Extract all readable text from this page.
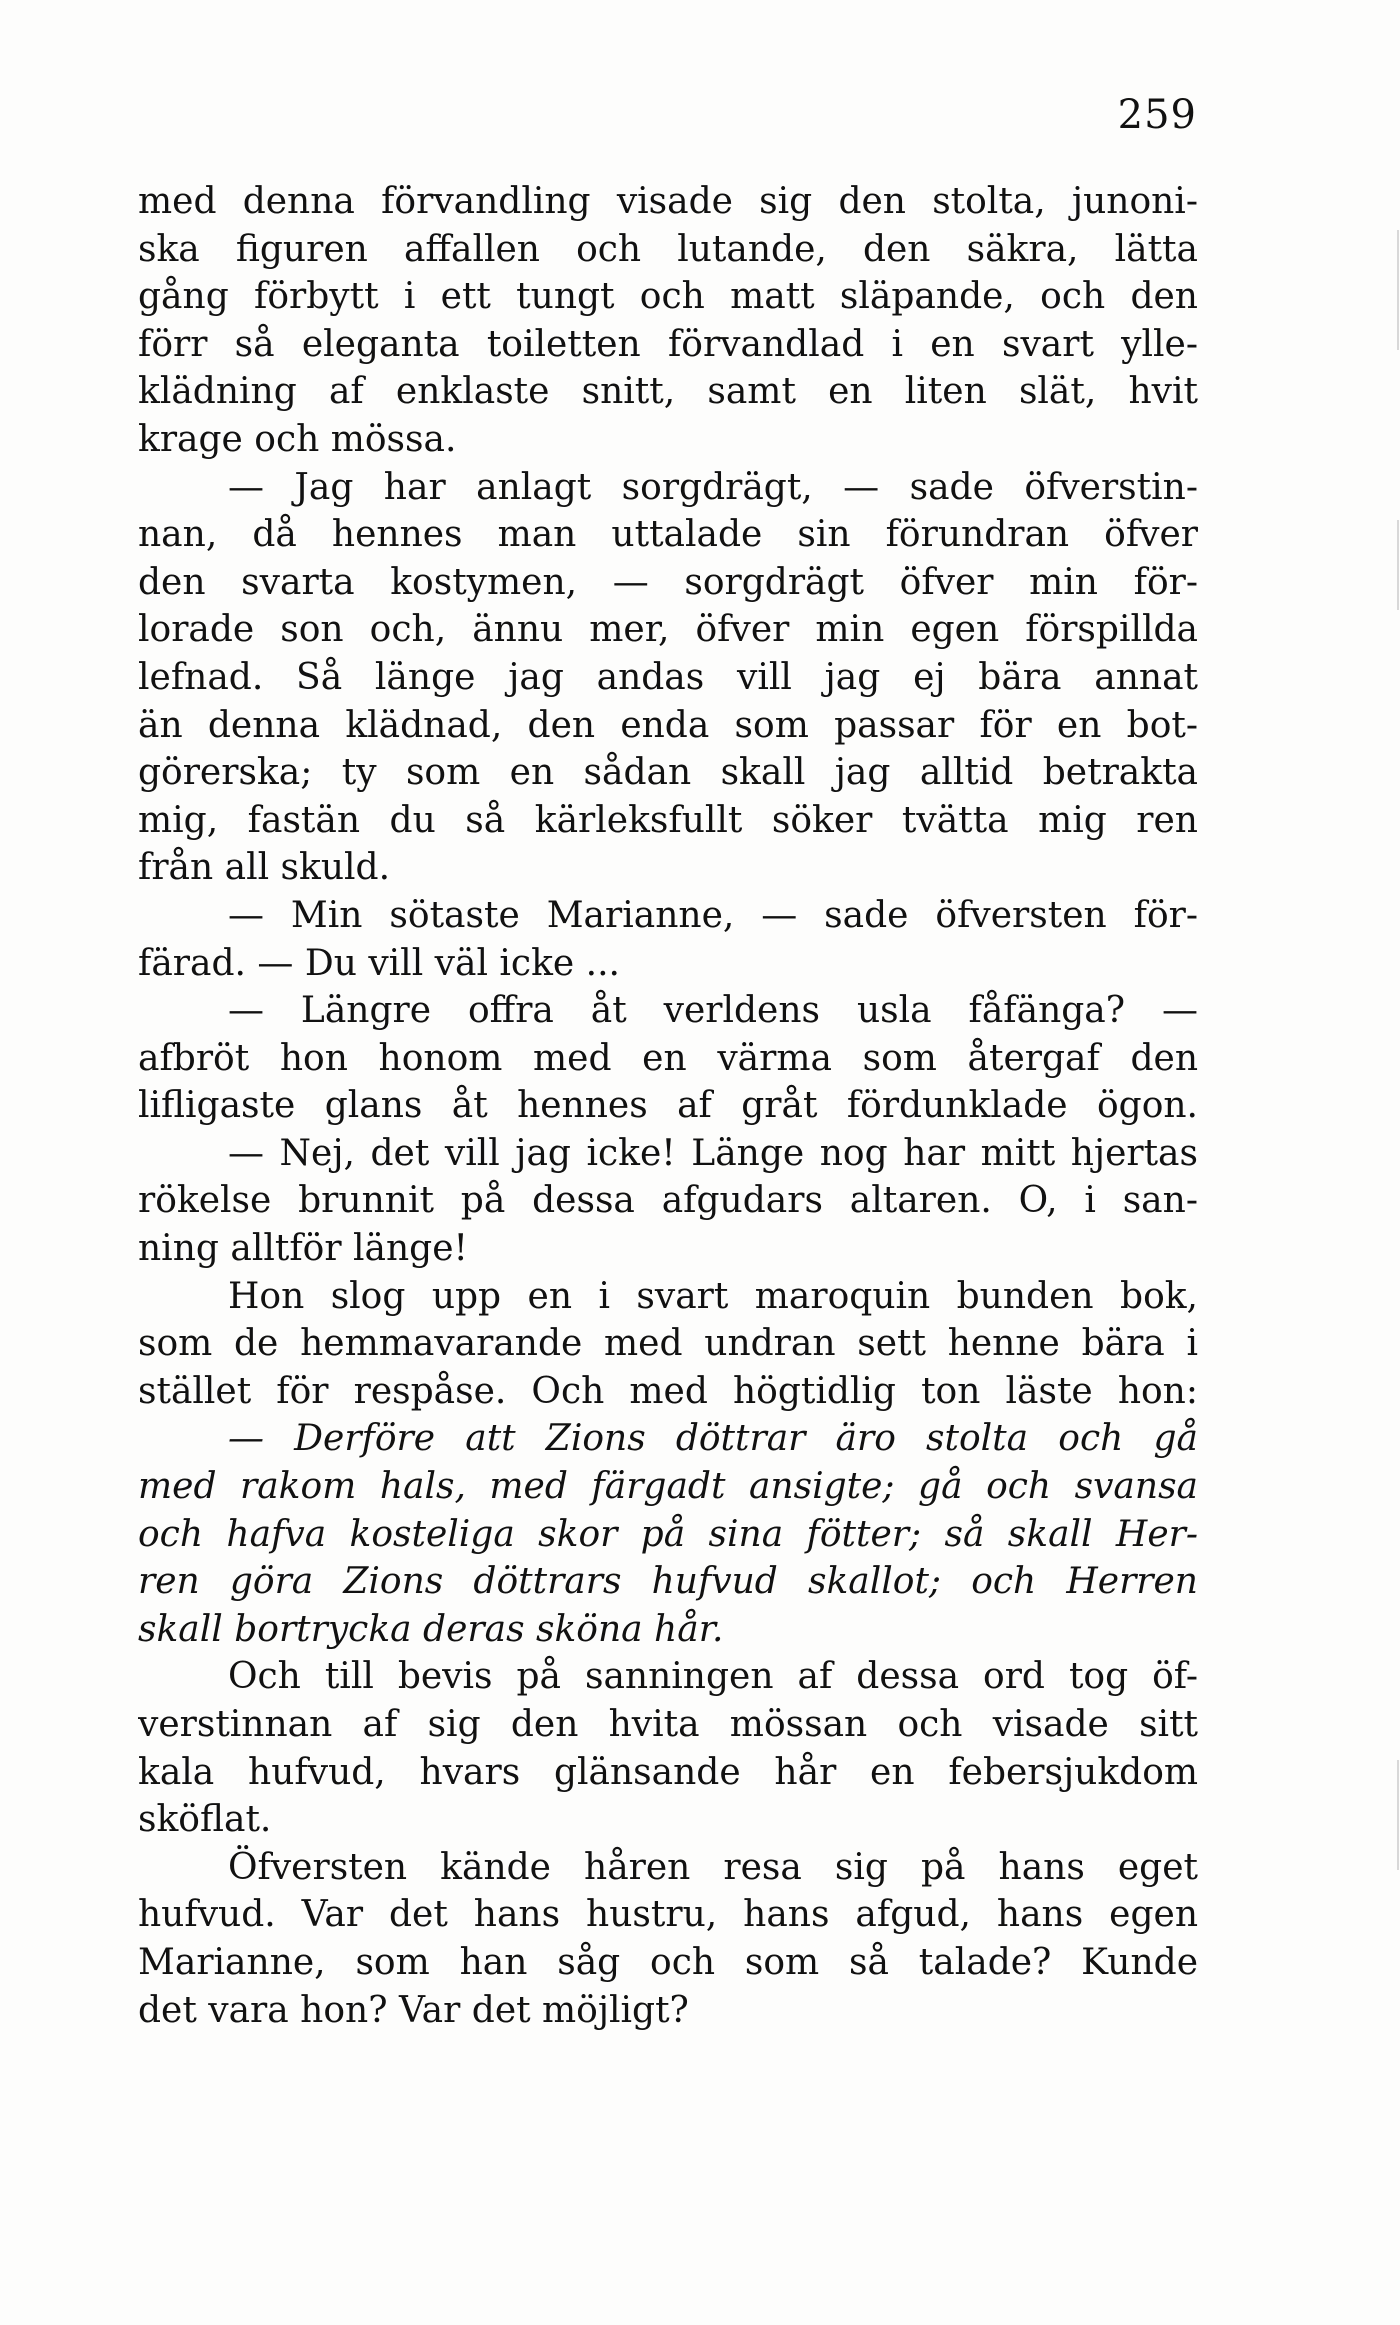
259
med denna förvandling visade sig den stolta, junoni-
ska figuren affallen och lutande, den säkra, lätta
gång förbytt i ett tungt och matt släpande, och den
förr så eleganta toiletten förvandlad i en svart ylle-
klädning af enklaste snitt, samt en liten slät, hvit
krage och mössa.
— Jag har anlagt sorgdrägt, — sade öfverstin-
nan, då hennes man uttalade sin förundran öfver
den svarta kostymen, — sorgdrägt öfver min för-
lorade son och, ännu mer, öfver min egen förspillda
lefnad. Så länge jag andas vill jag ej bära annat
än denna klädnad, den enda som passar för en bot-
görerska; ty som en sådan skall jag alltid betrakta
mig, fastän du så kärleksfullt söker tvätta mig ren
från all skuld.
— Min sötaste Marianne, — sade öfversten för-
färad. — Du vill väl icke ...
— Längre offra åt verldens usla fåfänga? —
afbröt hon honom med en värma som återgaf den
lifligaste glans åt hennes af gråt fördunklade ögon.
— Nej, det vill jag icke! Länge nog har mitt hjertas
rökelse brunnit på dessa afgudars altaren. O, i san-
ning alltför länge!
Hon slog upp en i svart maroquin bunden bok,
som de hemmavarande med undran sett henne bära i
stället för respåse. Och med högtidlig ton läste hon:
— Derföre att Zions döttrar äro stolta och gå
med rakom hals, med färgadt ansigte; gå och svansa
och hafva kosteliga skor på sina fötter; så skall Her-
ren göra Zions döttrars hufvud skallot; och Herren
skall bortrycka deras sköna hår.
Och till bevis på sanningen af dessa ord tog öf-
verstinnan af sig den hvita mössan och visade sitt
kala hufvud, hvars glänsande hår en febersjukdom
sköflat.
Öfversten kände håren resa sig på hans eget
hufvud. Var det hans hustru, hans afgud, hans egen
Marianne, som han såg och som så talade? Kunde
det vara hon? Var det möjligt?
